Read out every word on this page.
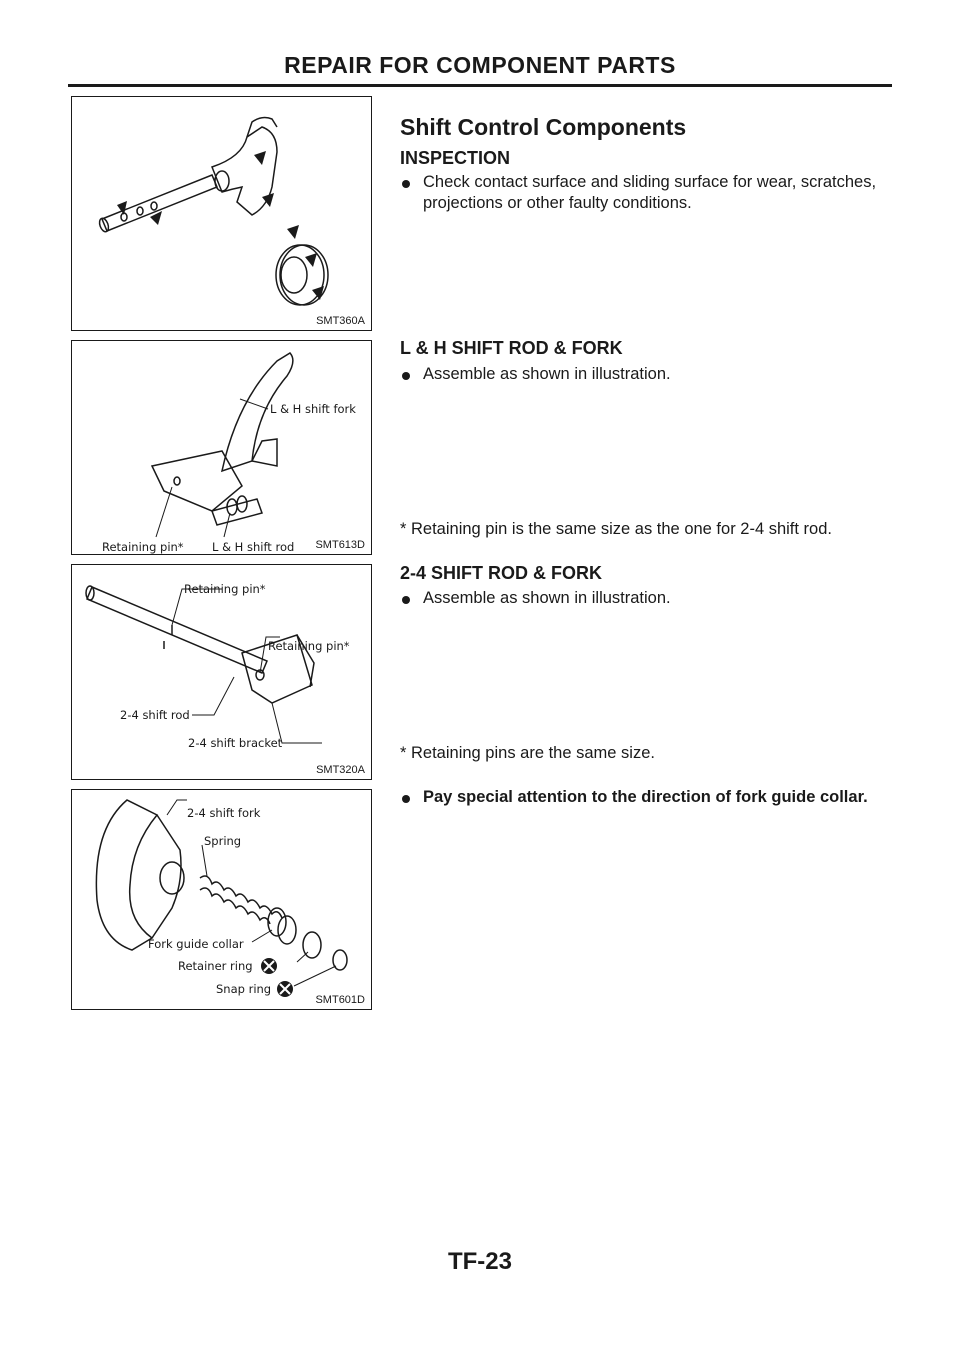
REPAIR FOR COMPONENT PARTS
SMT360A
L & H shift fork
Retaining pin* L & H shift rod SMT613D
Retaining pin*
Retaining pin*
2-4 shift rod
2-4 shift bracket
SMT320A
2-4 shift fork
Spring
Fork guide collar
Retainer ring
Snap ring
SMT601D
Shift Control Components
INSPECTION
Check contact surface and sliding surface for wear, scratches, projections or other faulty conditions.
L & H SHIFT ROD & FORK
Assemble as shown in illustration.
* Retaining pin is the same size as the one for 2-4 shift rod.
2-4 SHIFT ROD & FORK
Assemble as shown in illustration.
* Retaining pins are the same size.
Pay special attention to the direction of fork guide collar.
TF-23
